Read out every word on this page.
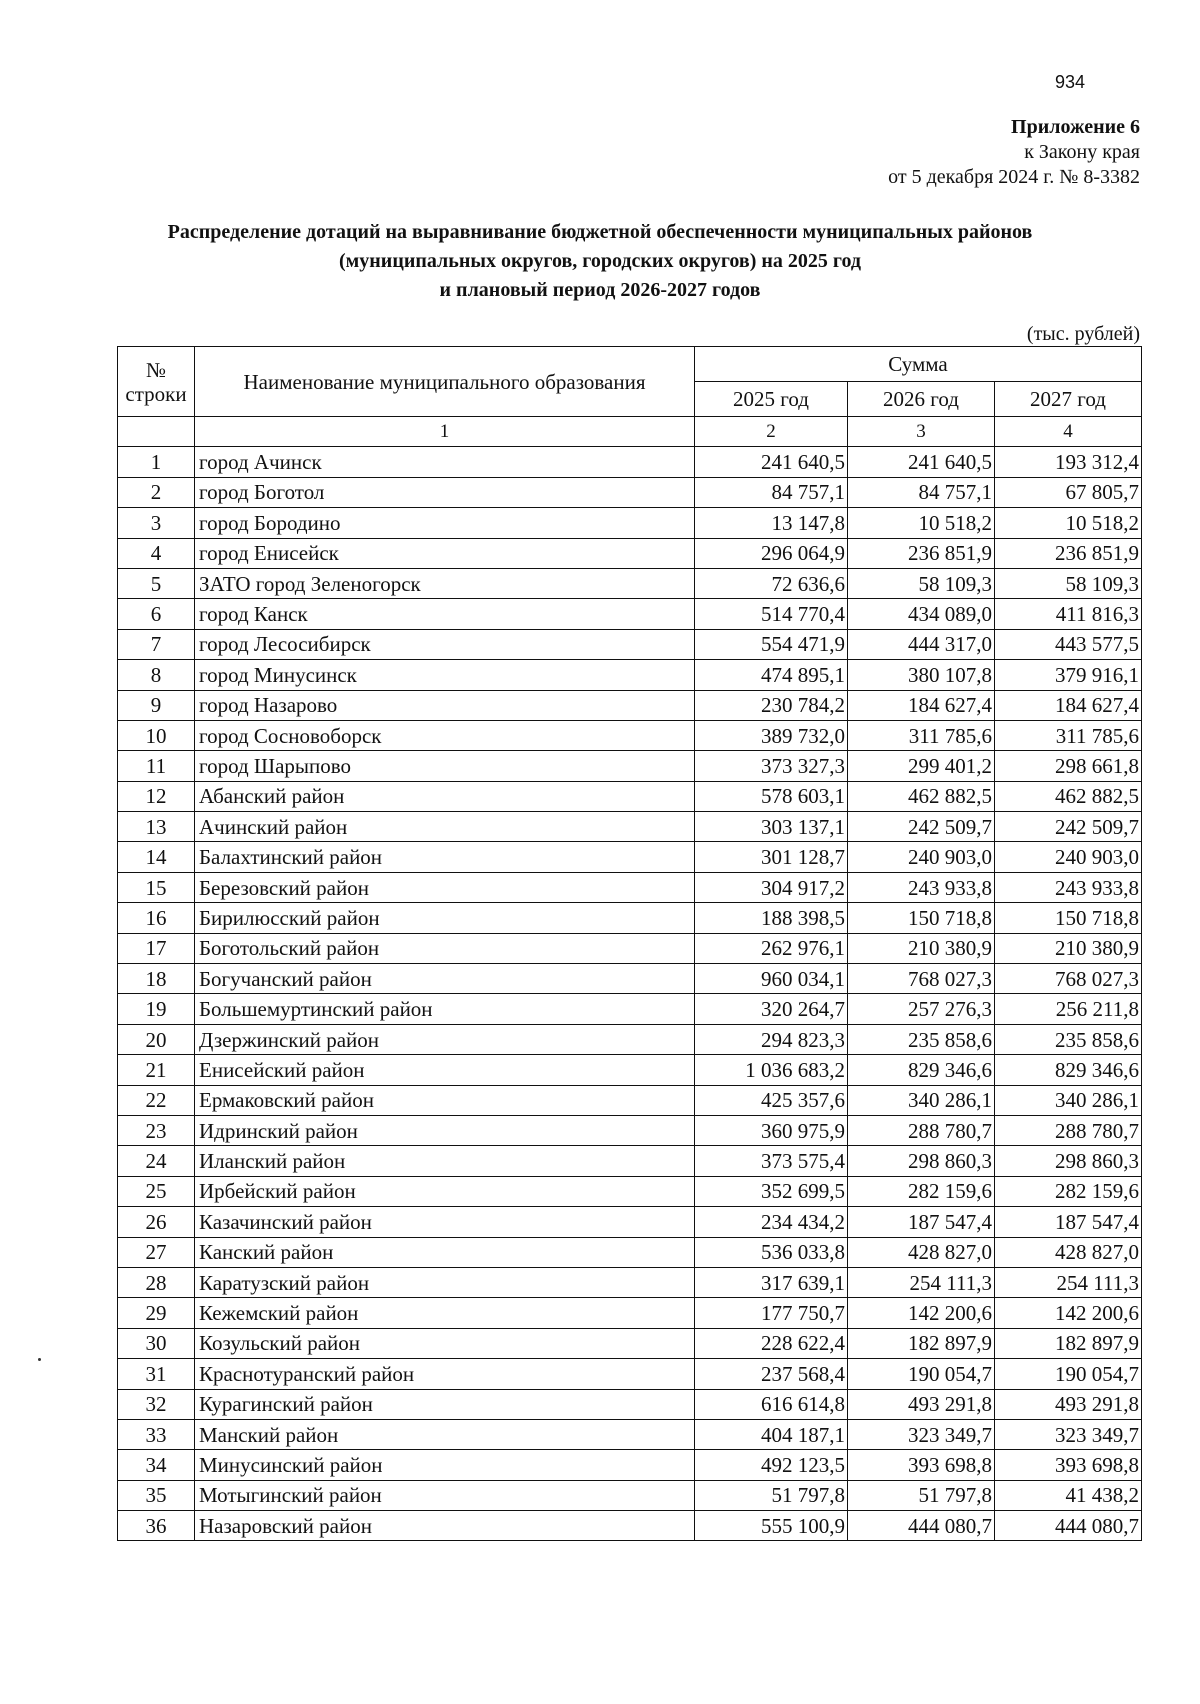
934
Приложение 6
к Закону края
от 5 декабря 2024 г. № 8-3382
Распределение дотаций на выравнивание бюджетной обеспеченности муниципальных районов
(муниципальных округов, городских округов) на 2025 год
и плановый период 2026-2027 годов
(тыс. рублей)
№
строки	Наименование муниципального образования	Сумма		
		2025 год	2026 год	2027 год
	1	2	3	4
1	город Ачинск	241 640,5	241 640,5	193 312,4
2	город Боготол	84 757,1	84 757,1	67 805,7
3	город Бородино	13 147,8	10 518,2	10 518,2
4	город Енисейск	296 064,9	236 851,9	236 851,9
5	ЗАТО город Зеленогорск	72 636,6	58 109,3	58 109,3
6	город Канск	514 770,4	434 089,0	411 816,3
7	город Лесосибирск	554 471,9	444 317,0	443 577,5
8	город Минусинск	474 895,1	380 107,8	379 916,1
9	город Назарово	230 784,2	184 627,4	184 627,4
10	город Сосновоборск	389 732,0	311 785,6	311 785,6
11	город Шарыпово	373 327,3	299 401,2	298 661,8
12	Абанский район	578 603,1	462 882,5	462 882,5
13	Ачинский район	303 137,1	242 509,7	242 509,7
14	Балахтинский район	301 128,7	240 903,0	240 903,0
15	Березовский район	304 917,2	243 933,8	243 933,8
16	Бирилюсский район	188 398,5	150 718,8	150 718,8
17	Боготольский район	262 976,1	210 380,9	210 380,9
18	Богучанский район	960 034,1	768 027,3	768 027,3
19	Большемуртинский район	320 264,7	257 276,3	256 211,8
20	Дзержинский район	294 823,3	235 858,6	235 858,6
21	Енисейский район	1 036 683,2	829 346,6	829 346,6
22	Ермаковский район	425 357,6	340 286,1	340 286,1
23	Идринский район	360 975,9	288 780,7	288 780,7
24	Иланский район	373 575,4	298 860,3	298 860,3
25	Ирбейский район	352 699,5	282 159,6	282 159,6
26	Казачинский район	234 434,2	187 547,4	187 547,4
27	Канский район	536 033,8	428 827,0	428 827,0
28	Каратузский район	317 639,1	254 111,3	254 111,3
29	Кежемский район	177 750,7	142 200,6	142 200,6
30	Козульский район	228 622,4	182 897,9	182 897,9
31	Краснотуранский район	237 568,4	190 054,7	190 054,7
32	Курагинский район	616 614,8	493 291,8	493 291,8
33	Манский район	404 187,1	323 349,7	323 349,7
34	Минусинский район	492 123,5	393 698,8	393 698,8
35	Мотыгинский район	51 797,8	51 797,8	41 438,2
36	Назаровский район	555 100,9	444 080,7	444 080,7
